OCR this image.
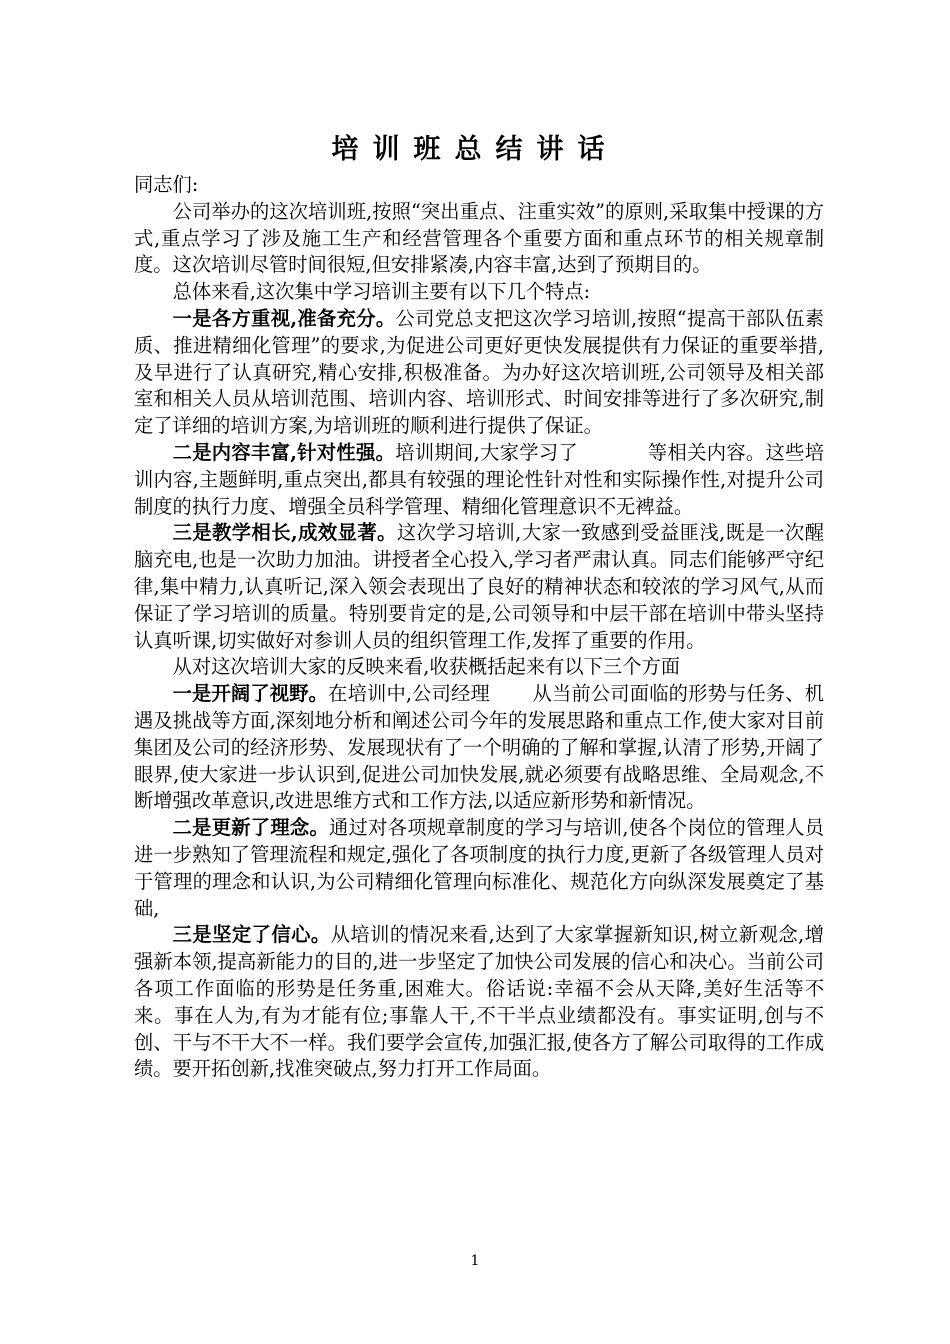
培训班总结讲话

同志们:

公司举办的这次培训班,按照“突出重点、注重实效”的原则,采取集中授课的方式,重点学习了涉及施工生产和经营管理各个重要方面和重点环节的相关规章制度。这次培训尽管时间很短,但安排紧凑,内容丰富,达到了预期目的。

总体来看,这次集中学习培训主要有以下几个特点:

一是各方重视,准备充分。公司党总支把这次学习培训,按照“提高干部队伍素质、推进精细化管理”的要求,为促进公司更好更快发展提供有力保证的重要举措,及早进行了认真研究,精心安排,积极准备。为办好这次培训班,公司领导及相关部室和相关人员从培训范围、培训内容、培训形式、时间安排等进行了多次研究,制定了详细的培训方案,为培训班的顺利进行提供了保证。

二是内容丰富,针对性强。培训期间,大家学习了	等相关内容。这些培训内容,主题鲜明,重点突出,都具有较强的理论性针对性和实际操作性,对提升公司制度的执行力度、增强全员科学管理、精细化管理意识不无裨益。

三是教学相长,成效显著。这次学习培训,大家一致感到受益匪浅,既是一次醒脑充电,也是一次助力加油。讲授者全心投入,学习者严肃认真。同志们能够严守纪律,集中精力,认真听记,深入领会表现出了良好的精神状态和较浓的学习风气,从而保证了学习培训的质量。特别要肯定的是,公司领导和中层干部在培训中带头坚持认真听课,切实做好对参训人员的组织管理工作,发挥了重要的作用。

从对这次培训大家的反映来看,收获概括起来有以下三个方面

一是开阔了视野。在培训中,公司经理 从当前公司面临的形势与任务、机遇及挑战等方面,深刻地分析和阐述公司今年的发展思路和重点工作,使大家对目前集团及公司的经济形势、发展现状有了一个明确的了解和掌握,认清了形势,开阔了眼界,使大家进一步认识到,促进公司加快发展,就必须要有战略思维、全局观念,不断增强改革意识,改进思维方式和工作方法,以适应新形势和新情况。

二是更新了理念。通过对各项规章制度的学习与培训,使各个岗位的管理人员进一步熟知了管理流程和规定,强化了各项制度的执行力度,更新了各级管理人员对于管理的理念和认识,为公司精细化管理向标准化、规范化方向纵深发展奠定了基础,

三是坚定了信心。从培训的情况来看,达到了大家掌握新知识,树立新观念,增强新本领,提高新能力的目的,进一步坚定了加快公司发展的信心和决心。当前公司各项工作面临的形势是任务重,困难大。俗话说:幸福不会从天降,美好生活等不来。事在人为,有为才能有位;事靠人干,不干半点业绩都没有。事实证明,创与不创、干与不干大不一样。我们要学会宣传,加强汇报,使各方了解公司取得的工作成绩。要开拓创新,找准突破点,努力打开工作局面。

1
